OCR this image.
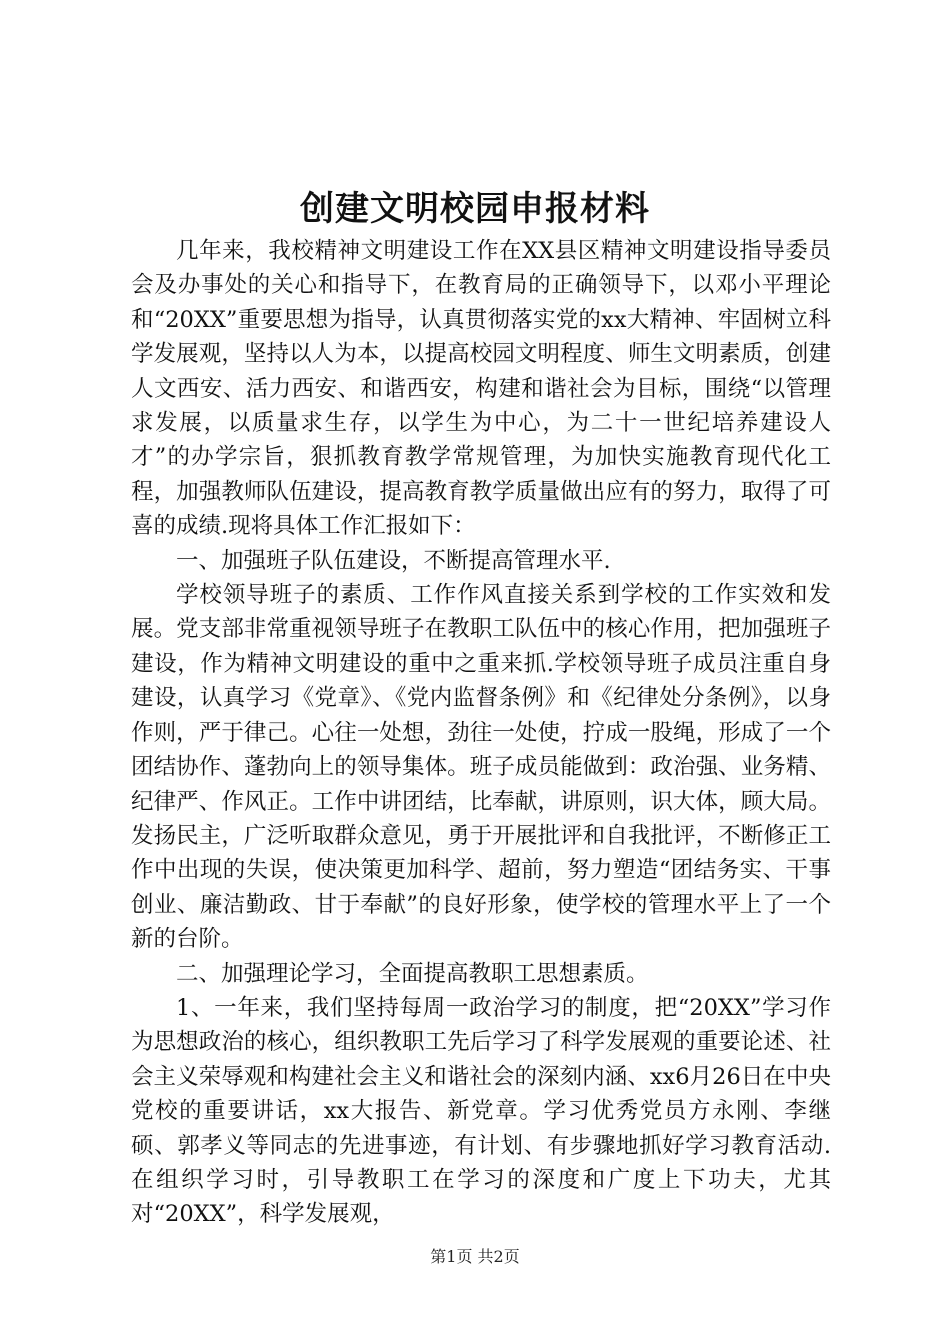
创建文明校园申报材料

几年来，我校精神文明建设工作在XX县区精神文明建设指导委员会及办事处的关心和指导下，在教育局的正确领导下，以邓小平理论和“20XX”重要思想为指导，认真贯彻落实党的xx大精神、牢固树立科学发展观，坚持以人为本，以提高校园文明程度、师生文明素质，创建人文西安、活力西安、和谐西安，构建和谐社会为目标，围绕“以管理求发展，以质量求生存，以学生为中心，为二十一世纪培养建设人才”的办学宗旨，狠抓教育教学常规管理，为加快实施教育现代化工程，加强教师队伍建设，提高教育教学质量做出应有的努力，取得了可喜的成绩.现将具体工作汇报如下：

一、加强班子队伍建设，不断提高管理水平.

学校领导班子的素质、工作作风直接关系到学校的工作实效和发展。党支部非常重视领导班子在教职工队伍中的核心作用，把加强班子建设，作为精神文明建设的重中之重来抓.学校领导班子成员注重自身建设，认真学习《党章》、《党内监督条例》和《纪律处分条例》，以身作则，严于律己。心往一处想，劲往一处使，拧成一股绳，形成了一个团结协作、蓬勃向上的领导集体。班子成员能做到：政治强、业务精、纪律严、作风正。工作中讲团结，比奉献，讲原则，识大体，顾大局。发扬民主，广泛听取群众意见，勇于开展批评和自我批评，不断修正工作中出现的失误，使决策更加科学、超前，努力塑造“团结务实、干事创业、廉洁勤政、甘于奉献”的良好形象，使学校的管理水平上了一个新的台阶。

二、加强理论学习，全面提高教职工思想素质。

1、一年来，我们坚持每周一政治学习的制度，把“20XX”学习作为思想政治的核心，组织教职工先后学习了科学发展观的重要论述、社会主义荣辱观和构建社会主义和谐社会的深刻内涵、xx6月26日在中央党校的重要讲话，xx大报告、新党章。学习优秀党员方永刚、李继硕、郭孝义等同志的先进事迹，有计划、有步骤地抓好学习教育活动.在组织学习时，引导教职工在学习的深度和广度上下功夫，尤其对“20XX”，科学发展观，

第1页 共2页
